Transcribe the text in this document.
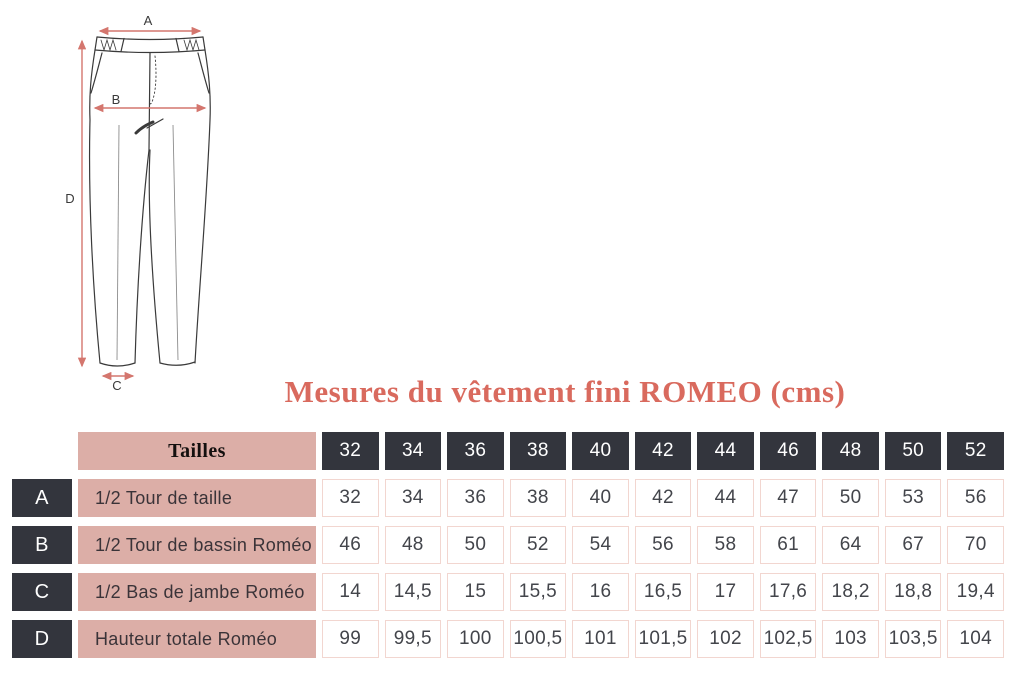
A
B
C
D
Mesures du vêtement fini ROMEO (cms)
Tailles	32	34	36	38	40	42	44	46	48	50	52
A	1/2 Tour de taille	32	34	36	38	40	42	44	47	50	53	56
B	1/2 Tour de bassin Roméo	46	48	50	52	54	56	58	61	64	67	70
C	1/2 Bas de jambe Roméo	14	14,5	15	15,5	16	16,5	17	17,6	18,2	18,8	19,4
D	Hauteur totale Roméo	99	99,5	100	100,5	101	101,5	102	102,5	103	103,5	104
